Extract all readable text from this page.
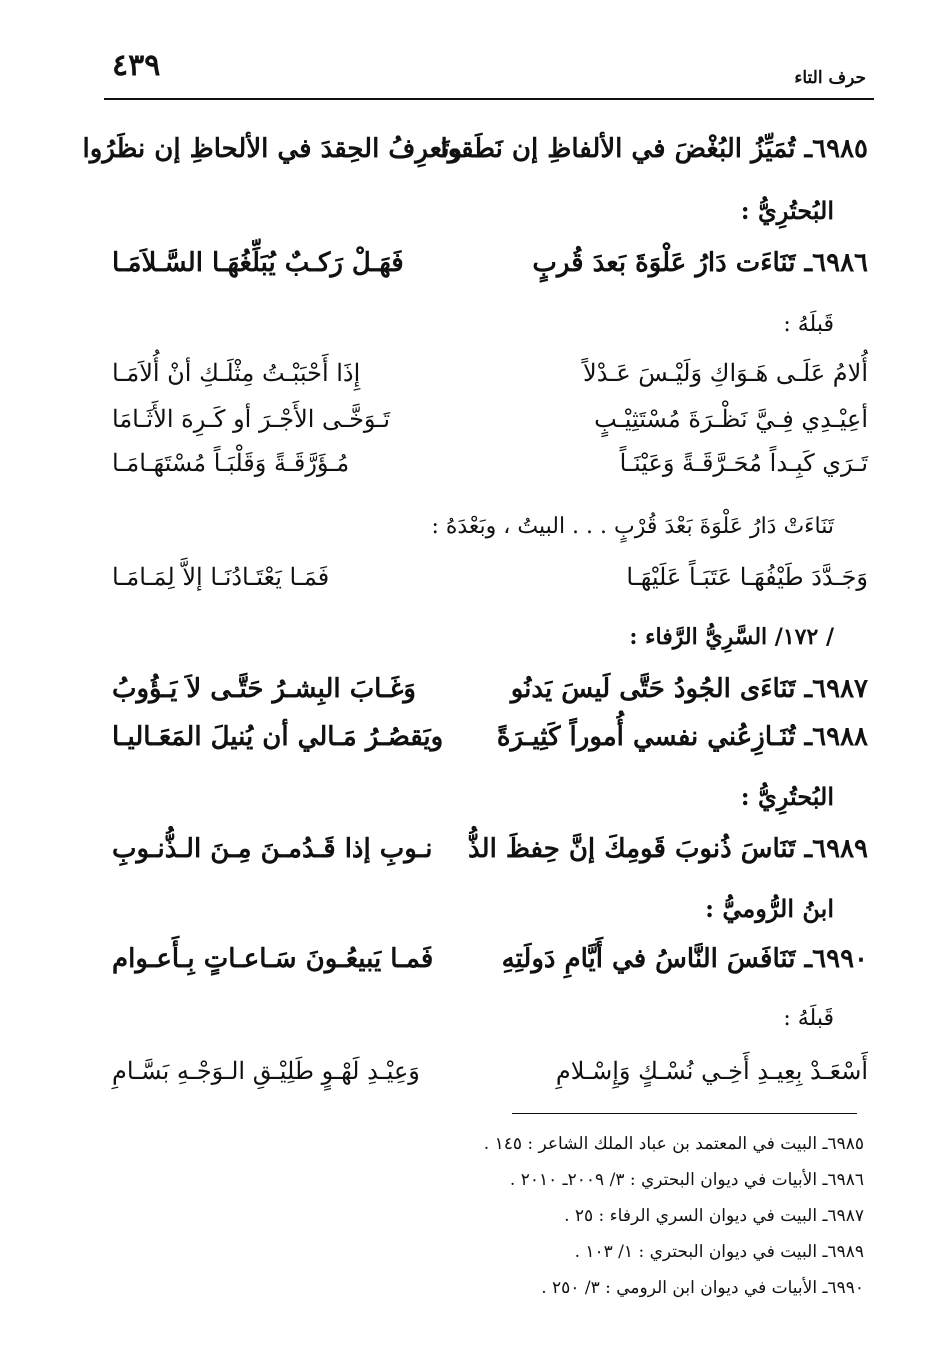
٤٣٩	حرف التاء
٦٩٨٥ـ تُمَيِّزُ البُغْضَ في الألفاظِ إن نَطَقوا
وتَعرِفُ الحِقدَ في الألحاظِ إن نظَرُوا
البُحتُرِيُّ :
٦٩٨٦ـ تَنَاءَت دَارُ عَلْوَةَ بَعدَ قُربٍ
فَهَـلْ رَكـبٌ يُبَلِّغُهَـا السَّـلاَمَـا
قَبلَهُ :
أُلامُ عَلَـى هَـوَاكِ وَلَيْـسَ عَـدْلاً
إِذَا أَحْبَبْـتُ مِثْلَـكِ أنْ أُلاَمَـا
أعِيْـدِي فِـيَّ نَظْـرَةَ مُسْتَثِيْـبٍ
تَـوَخَّـى الأَجْـرَ أو كَـرِهَ الأَثَـامَا
تَـرَي كَبِـداً مُحَـرَّقَـةً وَعَيْنَـاً
مُـؤَرَّقَـةً وَقَلْبَـاً مُسْتَهَـامَـا
تَنَاءَتْ دَارُ عَلْوَةَ بَعْدَ قُرْبٍ . . . البيتُ ، وبَعْدَهُ :
وَجَـدَّدَ طَيْفُهَـا عَتَبَـاً عَلَيْهَـا
فَمَـا يَعْتَـادُنَـا إلاَّ لِمَـامَـا
/ ١٧٢/ السَّرِيُّ الرَّفاء :
٦٩٨٧ـ تَنَاءَى الجُودُ حَتَّى لَيسَ يَدنُو
وَغَـابَ البِشـرُ حَتَّـى لاَ يَـؤُوبُ
٦٩٨٨ـ تُنَـازِعُني نفسي أُموراً كَثِيـرَةً
ويَقصُـرُ مَـالي أن يُنيلَ المَعَـاليـا
البُحتُرِيُّ :
٦٩٨٩ـ تَنَاسَ ذُنوبَ قَومِكَ إنَّ حِفظَ الذُّ
نـوبِ إذا قَـدُمـنَ مِـنَ الـذُّنـوبِ
ابنُ الرُّوميُّ :
٦٩٩٠ـ تَنَافَسَ النَّاسُ في أَيَّامِ دَولَتِهِ
فَمـا يَبيعُـونَ سَـاعـاتٍ بِـأَعـوام
قَبلَهُ :
أَسْعَـدْ بِعِيـدِ أَخِـي نُسْـكٍ وَإِسْـلامِ
وَعِيْـدِ لَهْـوٍ طَلِيْـقِ الـوَجْـهِ بَسَّـامِ
٦٩٨٥ـ البيت في المعتمد بن عباد الملك الشاعر : ١٤٥ .
٦٩٨٦ـ الأبيات في ديوان البحتري : ٣/ ٢٠٠٩ـ ٢٠١٠ .
٦٩٨٧ـ البيت في ديوان السري الرفاء : ٢٥ .
٦٩٨٩ـ البيت في ديوان البحتري : ١/ ١٠٣ .
٦٩٩٠ـ الأبيات في ديوان ابن الرومي : ٣/ ٢٥٠ .
